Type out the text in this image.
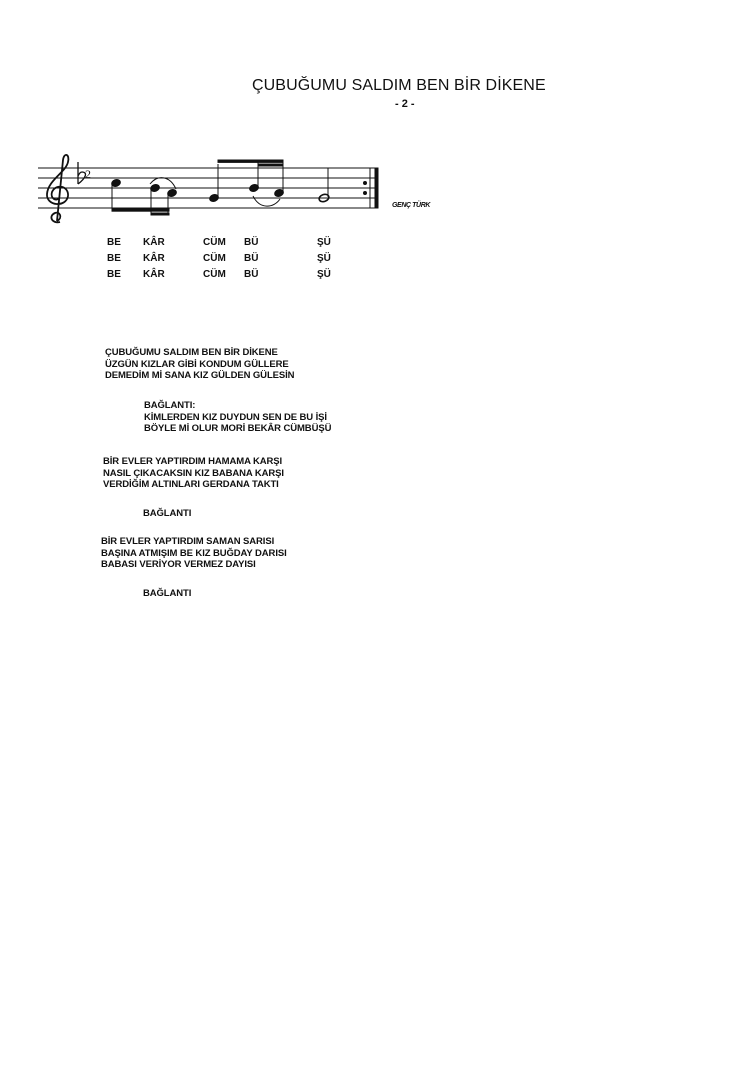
ÇUBUĞUMU SALDIM BEN BİR DİKENE
- 2 -
2
GENÇ TÜRK
BE KÂR	CÜM BÜ	ŞÜ
BE KÂR	CÜM BÜ	ŞÜ
BE KÂR	CÜM BÜ	ŞÜ
ÇUBUĞUMU SALDIM BEN BİR DİKENE
ÜZGÜN KIZLAR GİBİ KONDUM GÜLLERE
DEMEDİM Mİ SANA KIZ GÜLDEN GÜLESİN
BAĞLANTI:
KİMLERDEN KIZ DUYDUN SEN DE BU İŞİ
BÖYLE Mİ OLUR MORİ BEKÂR CÜMBÜŞÜ
BİR EVLER YAPTIRDIM HAMAMA KARŞI
NASIL ÇIKACAKSIN KIZ BABANA KARŞI
VERDİĞİM ALTINLARI GERDANA TAKTI
BAĞLANTI
BİR EVLER YAPTIRDIM SAMAN SARISI
BAŞINA ATMIŞIM BE KIZ BUĞDAY DARISI
BABASI VERİYOR VERMEZ DAYISI
BAĞLANTI
